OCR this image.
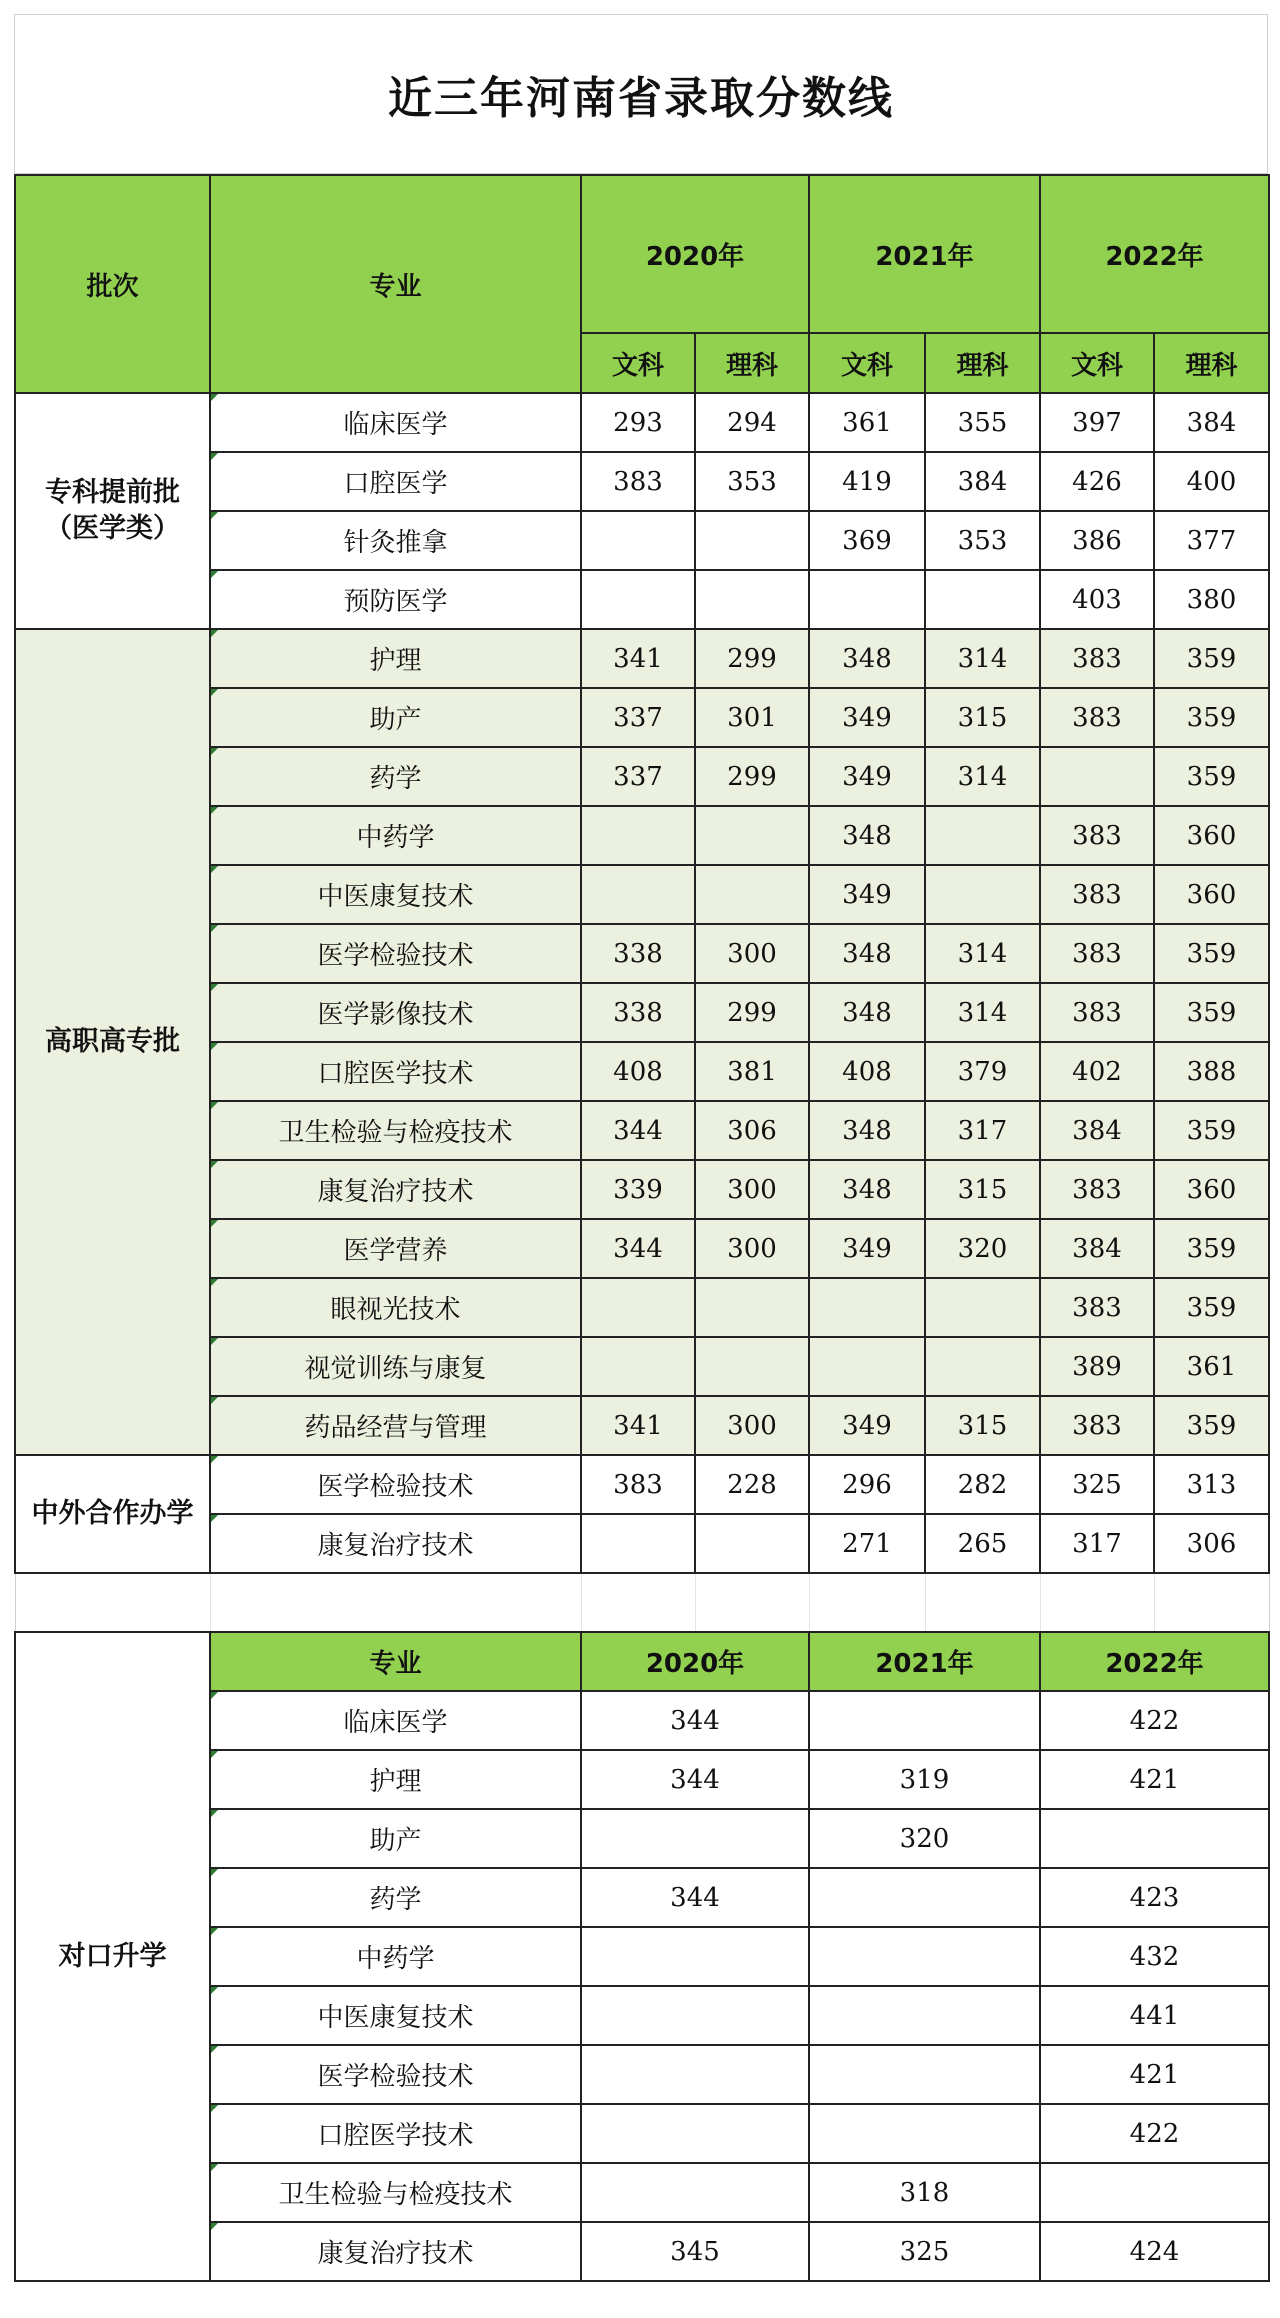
近三年河南省录取分数线
批次	专业	2020年		2021年		2022年	
		文科	理科	文科	理科	文科	理科
专科提前批
（医学类）	临床医学	293	294	361	355	397	384
	口腔医学	383	353	419	384	426	400
	针灸推拿			369	353	386	377
	预防医学					403	380
高职高专批	护理	341	299	348	314	383	359
	助产	337	301	349	315	383	359
	药学	337	299	349	314		359
	中药学			348		383	360
	中医康复技术			349		383	360
	医学检验技术	338	300	348	314	383	359
	医学影像技术	338	299	348	314	383	359
	口腔医学技术	408	381	408	379	402	388
	卫生检验与检疫技术	344	306	348	317	384	359
	康复治疗技术	339	300	348	315	383	360
	医学营养	344	300	349	320	384	359
	眼视光技术					383	359
	视觉训练与康复					389	361
	药品经营与管理	341	300	349	315	383	359
中外合作办学	医学检验技术	383	228	296	282	325	313
	康复治疗技术			271	265	317	306

对口升学	专业	2020年		2021年		2022年	
	临床医学	344				422	
	护理	344		319		421	
	助产			320			
	药学	344				423	
	中药学					432	
	中医康复技术					441	
	医学检验技术					421	
	口腔医学技术					422	
	卫生检验与检疫技术			318			
	康复治疗技术	345		325		424	
